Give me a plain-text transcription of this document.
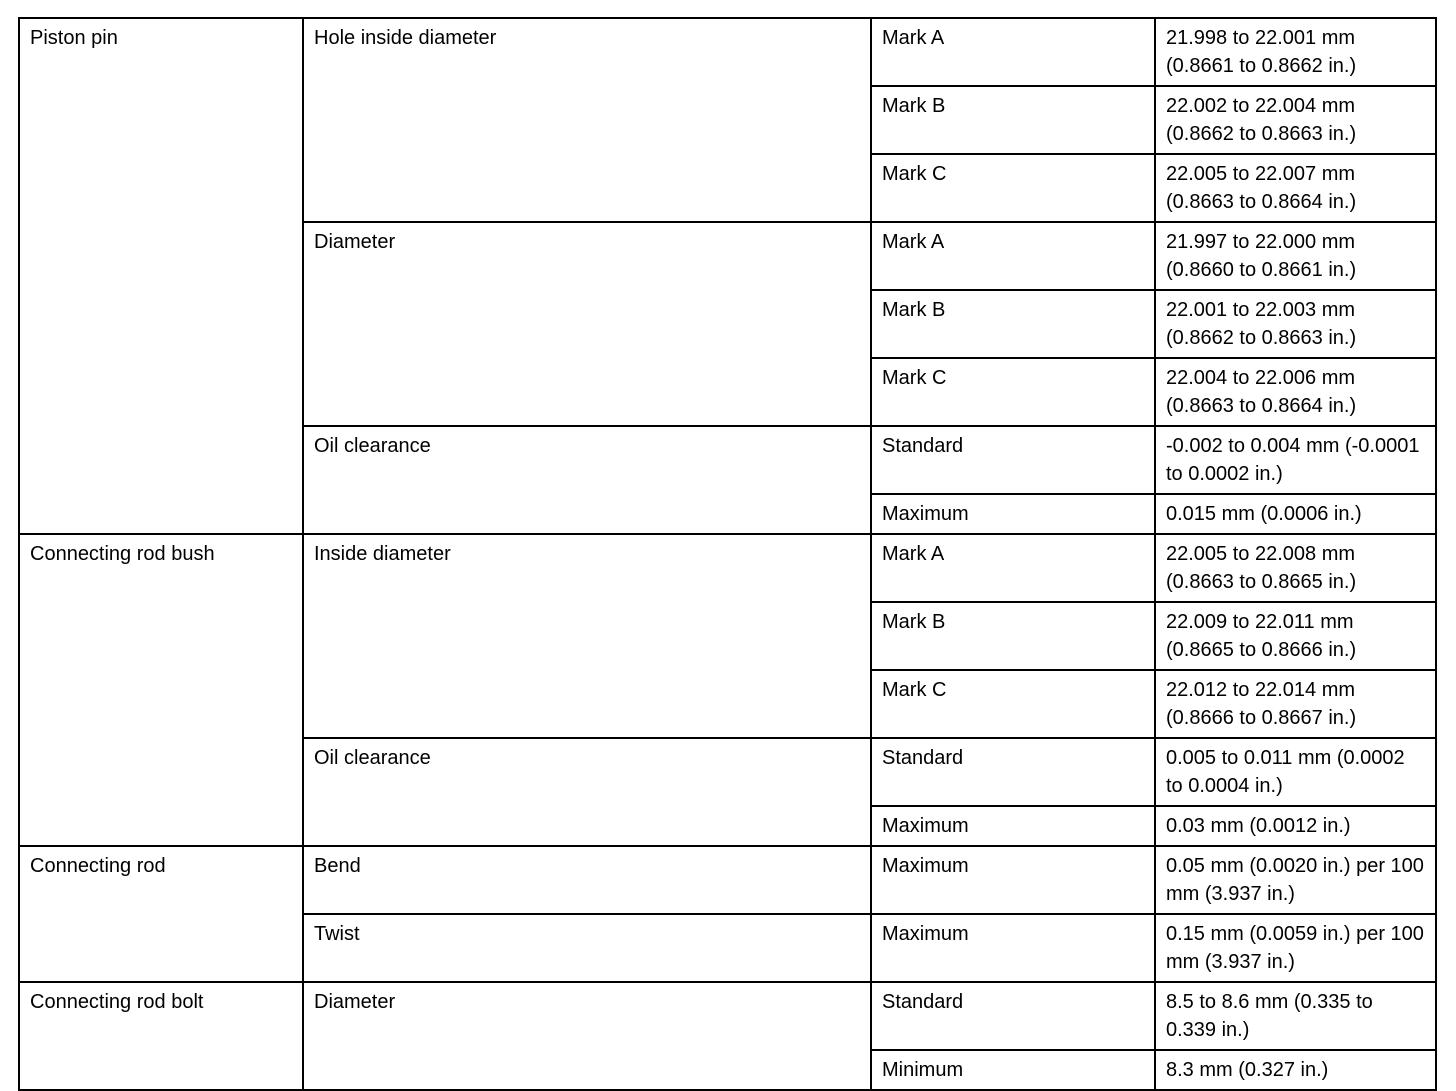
Piston pin	Hole inside diameter	Mark A	21.998 to 22.001 mm (0.8661 to 0.8662 in.)
		Mark B	22.002 to 22.004 mm (0.8662 to 0.8663 in.)
		Mark C	22.005 to 22.007 mm (0.8663 to 0.8664 in.)
	Diameter	Mark A	21.997 to 22.000 mm (0.8660 to 0.8661 in.)
		Mark B	22.001 to 22.003 mm (0.8662 to 0.8663 in.)
		Mark C	22.004 to 22.006 mm (0.8663 to 0.8664 in.)
	Oil clearance	Standard	-0.002 to 0.004 mm (-0.0001 to 0.0002 in.)
		Maximum	0.015 mm (0.0006 in.)
Connecting rod bush	Inside diameter	Mark A	22.005 to 22.008 mm (0.8663 to 0.8665 in.)
		Mark B	22.009 to 22.011 mm (0.8665 to 0.8666 in.)
		Mark C	22.012 to 22.014 mm (0.8666 to 0.8667 in.)
	Oil clearance	Standard	0.005 to 0.011 mm (0.0002 to 0.0004 in.)
		Maximum	0.03 mm (0.0012 in.)
Connecting rod	Bend	Maximum	0.05 mm (0.0020 in.) per 100 mm (3.937 in.)
	Twist	Maximum	0.15 mm (0.0059 in.) per 100 mm (3.937 in.)
Connecting rod bolt	Diameter	Standard	8.5 to 8.6 mm (0.335 to 0.339 in.)
		Minimum	8.3 mm (0.327 in.)
